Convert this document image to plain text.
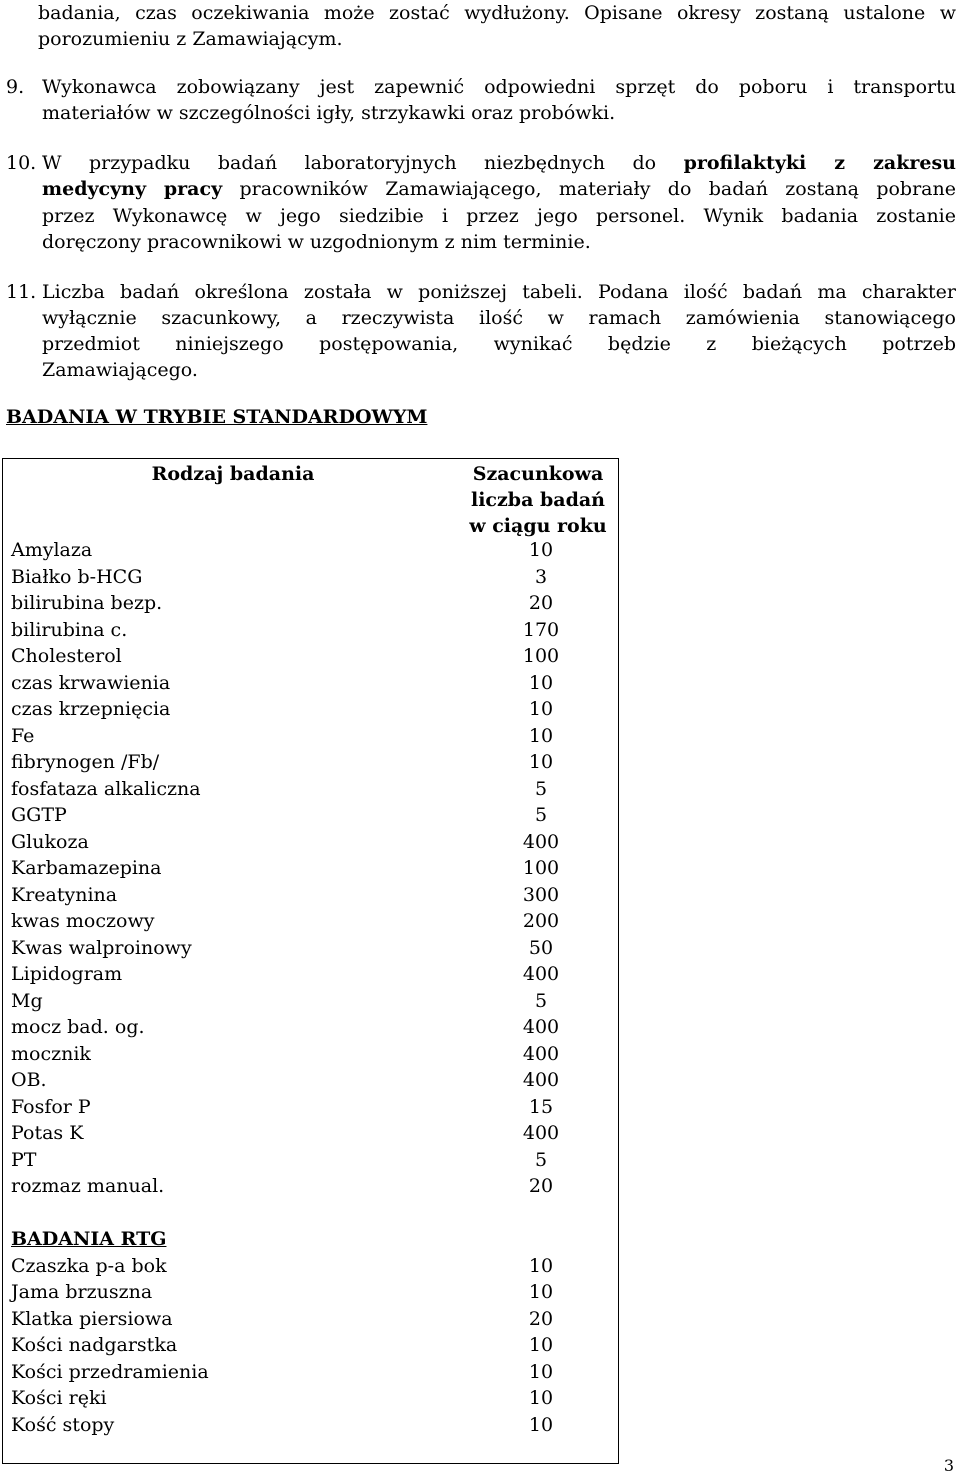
badania, czas oczekiwania może zostać wydłużony. Opisane okresy zostaną ustalone w
porozumieniu z Zamawiającym.
9. Wykonawca zobowiązany jest zapewnić odpowiedni sprzęt do poboru i transportu
materiałów w szczególności igły, strzykawki oraz probówki.
10. W przypadku badań laboratoryjnych niezbędnych do profilaktyki z zakresu
medycyny pracy pracowników Zamawiającego, materiały do badań zostaną pobrane
przez Wykonawcę w jego siedzibie i przez jego personel. Wynik badania zostanie
doręczony pracownikowi w uzgodnionym z nim terminie.
11. Liczba badań określona została w poniższej tabeli. Podana ilość badań ma charakter
wyłącznie szacunkowy, a rzeczywista ilość w ramach zamówienia stanowiącego
przedmiot niniejszego postępowania, wynikać będzie z bieżących potrzeb
Zamawiającego.
BADANIA W TRYBIE STANDARDOWYM
Rodzaj badania	Szacunkowa
liczba badań
w ciągu roku
Amylaza	10
Białko b-HCG	3
bilirubina bezp.	20
bilirubina c.	170
Cholesterol	100
czas krwawienia	10
czas krzepnięcia	10
Fe	10
fibrynogen /Fb/	10
fosfataza alkaliczna	5
GGTP	5
Glukoza	400
Karbamazepina	100
Kreatynina	300
kwas moczowy	200
Kwas walproinowy	50
Lipidogram	400
Mg	5
mocz bad. og.	400
mocznik	400
OB.	400
Fosfor P	15
Potas K	400
PT	5
rozmaz manual.	20
BADANIA RTG
Czaszka p-a bok	10
Jama brzuszna	10
Klatka piersiowa	20
Kości nadgarstka	10
Kości przedramienia	10
Kości ręki	10
Kość stopy	10
3
